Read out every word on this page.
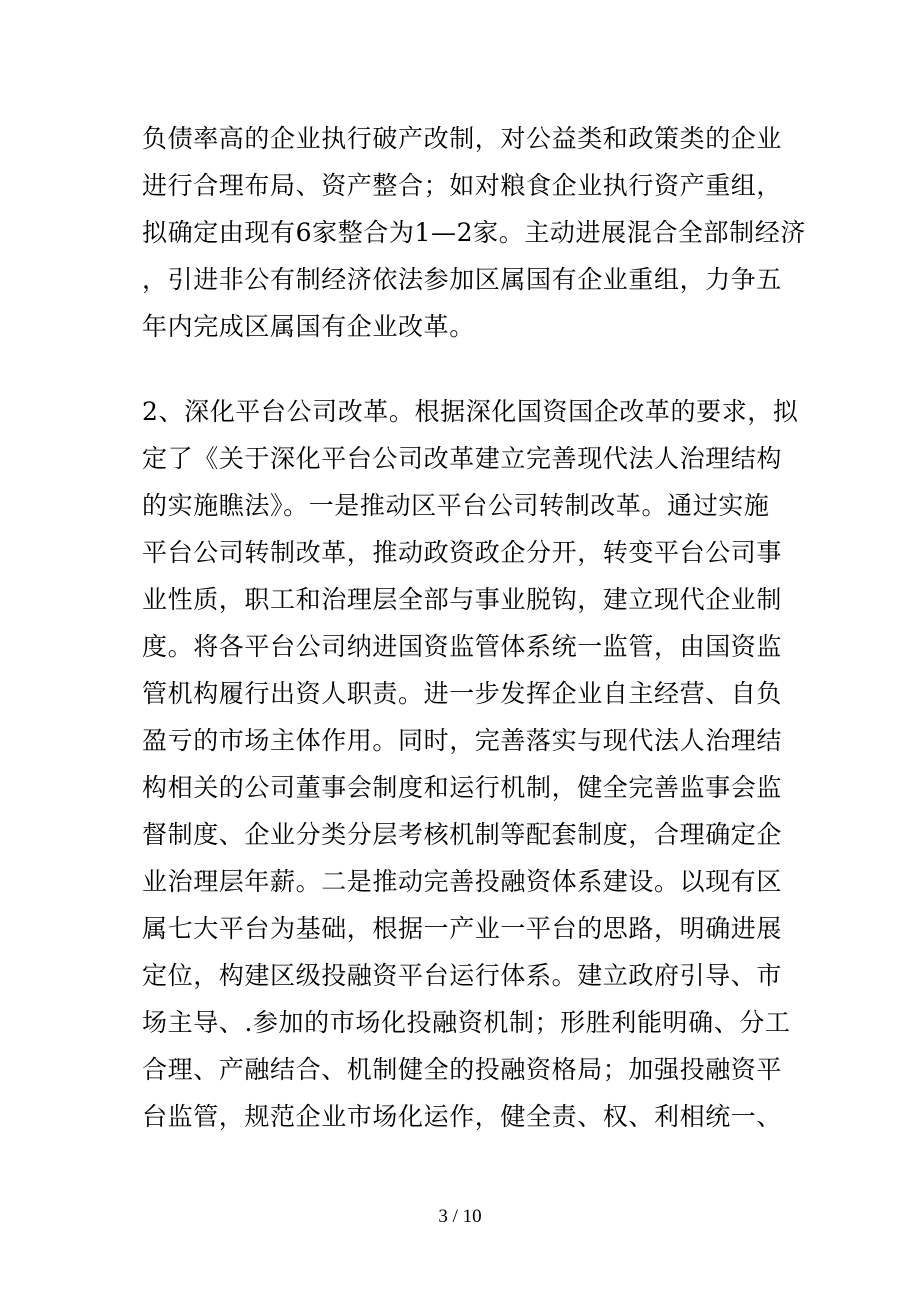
负债率高的企业执行破产改制，对公益类和政策类的企业
进行合理布局、资产整合；如对粮食企业执行资产重组，
拟确定由现有6家整合为1—2家。主动进展混合全部制经济
，引进非公有制经济依法参加区属国有企业重组，力争五
年内完成区属国有企业改革。
2、深化平台公司改革。根据深化国资国企改革的要求，拟
定了《关于深化平台公司改革建立完善现代法人治理结构
的实施瞧法》。一是推动区平台公司转制改革。通过实施
平台公司转制改革，推动政资政企分开，转变平台公司事
业性质，职工和治理层全部与事业脱钩，建立现代企业制
度。将各平台公司纳进国资监管体系统一监管，由国资监
管机构履行出资人职责。进一步发挥企业自主经营、自负
盈亏的市场主体作用。同时，完善落实与现代法人治理结
构相关的公司董事会制度和运行机制，健全完善监事会监
督制度、企业分类分层考核机制等配套制度，合理确定企
业治理层年薪。二是推动完善投融资体系建设。以现有区
属七大平台为基础，根据一产业一平台的思路，明确进展
定位，构建区级投融资平台运行体系。建立政府引导、市
场主导、.参加的市场化投融资机制；形胜利能明确、分工
合理、产融结合、机制健全的投融资格局；加强投融资平
台监管，规范企业市场化运作，健全责、权、利相统一、
3 / 10
